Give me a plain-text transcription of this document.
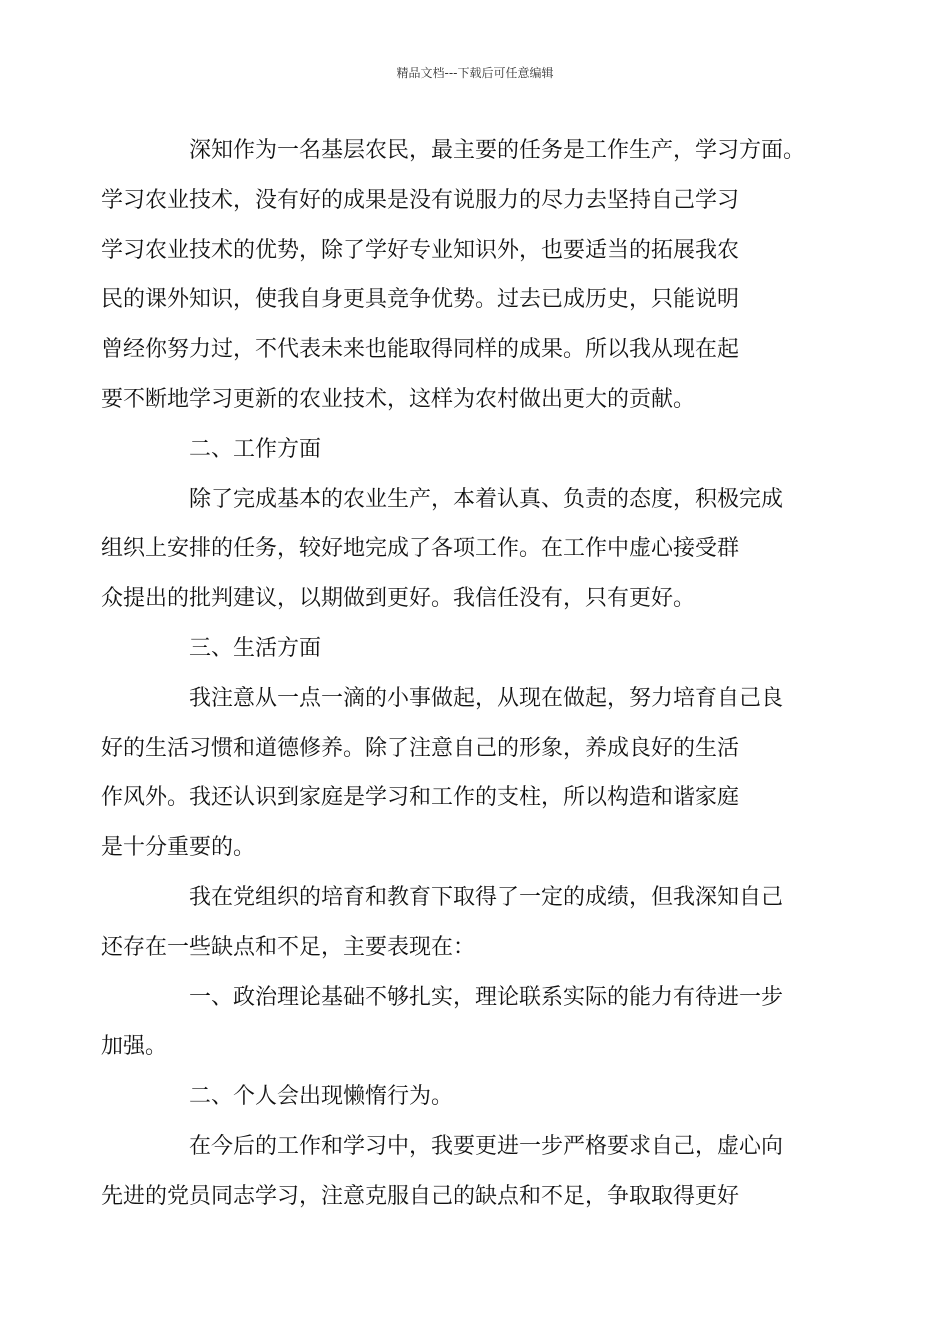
精品文档---下载后可任意编辑

深知作为一名基层农民，最主要的任务是工作生产，学习方面。
学习农业技术，没有好的成果是没有说服力的尽力去坚持自己学习
学习农业技术的优势，除了学好专业知识外，也要适当的拓展我农
民的课外知识，使我自身更具竞争优势。过去已成历史，只能说明
曾经你努力过，不代表未来也能取得同样的成果。所以我从现在起
要不断地学习更新的农业技术，这样为农村做出更大的贡献。

二、工作方面

除了完成基本的农业生产，本着认真、负责的态度，积极完成
组织上安排的任务，较好地完成了各项工作。在工作中虚心接受群
众提出的批判建议，以期做到更好。我信任没有，只有更好。

三、生活方面

我注意从一点一滴的小事做起，从现在做起，努力培育自己良
好的生活习惯和道德修养。除了注意自己的形象，养成良好的生活
作风外。我还认识到家庭是学习和工作的支柱，所以构造和谐家庭
是十分重要的。

我在党组织的培育和教育下取得了一定的成绩，但我深知自己
还存在一些缺点和不足，主要表现在：

一、政治理论基础不够扎实，理论联系实际的能力有待进一步
加强。

二、个人会出现懒惰行为。

在今后的工作和学习中，我要更进一步严格要求自己，虚心向
先进的党员同志学习，注意克服自己的缺点和不足，争取取得更好
